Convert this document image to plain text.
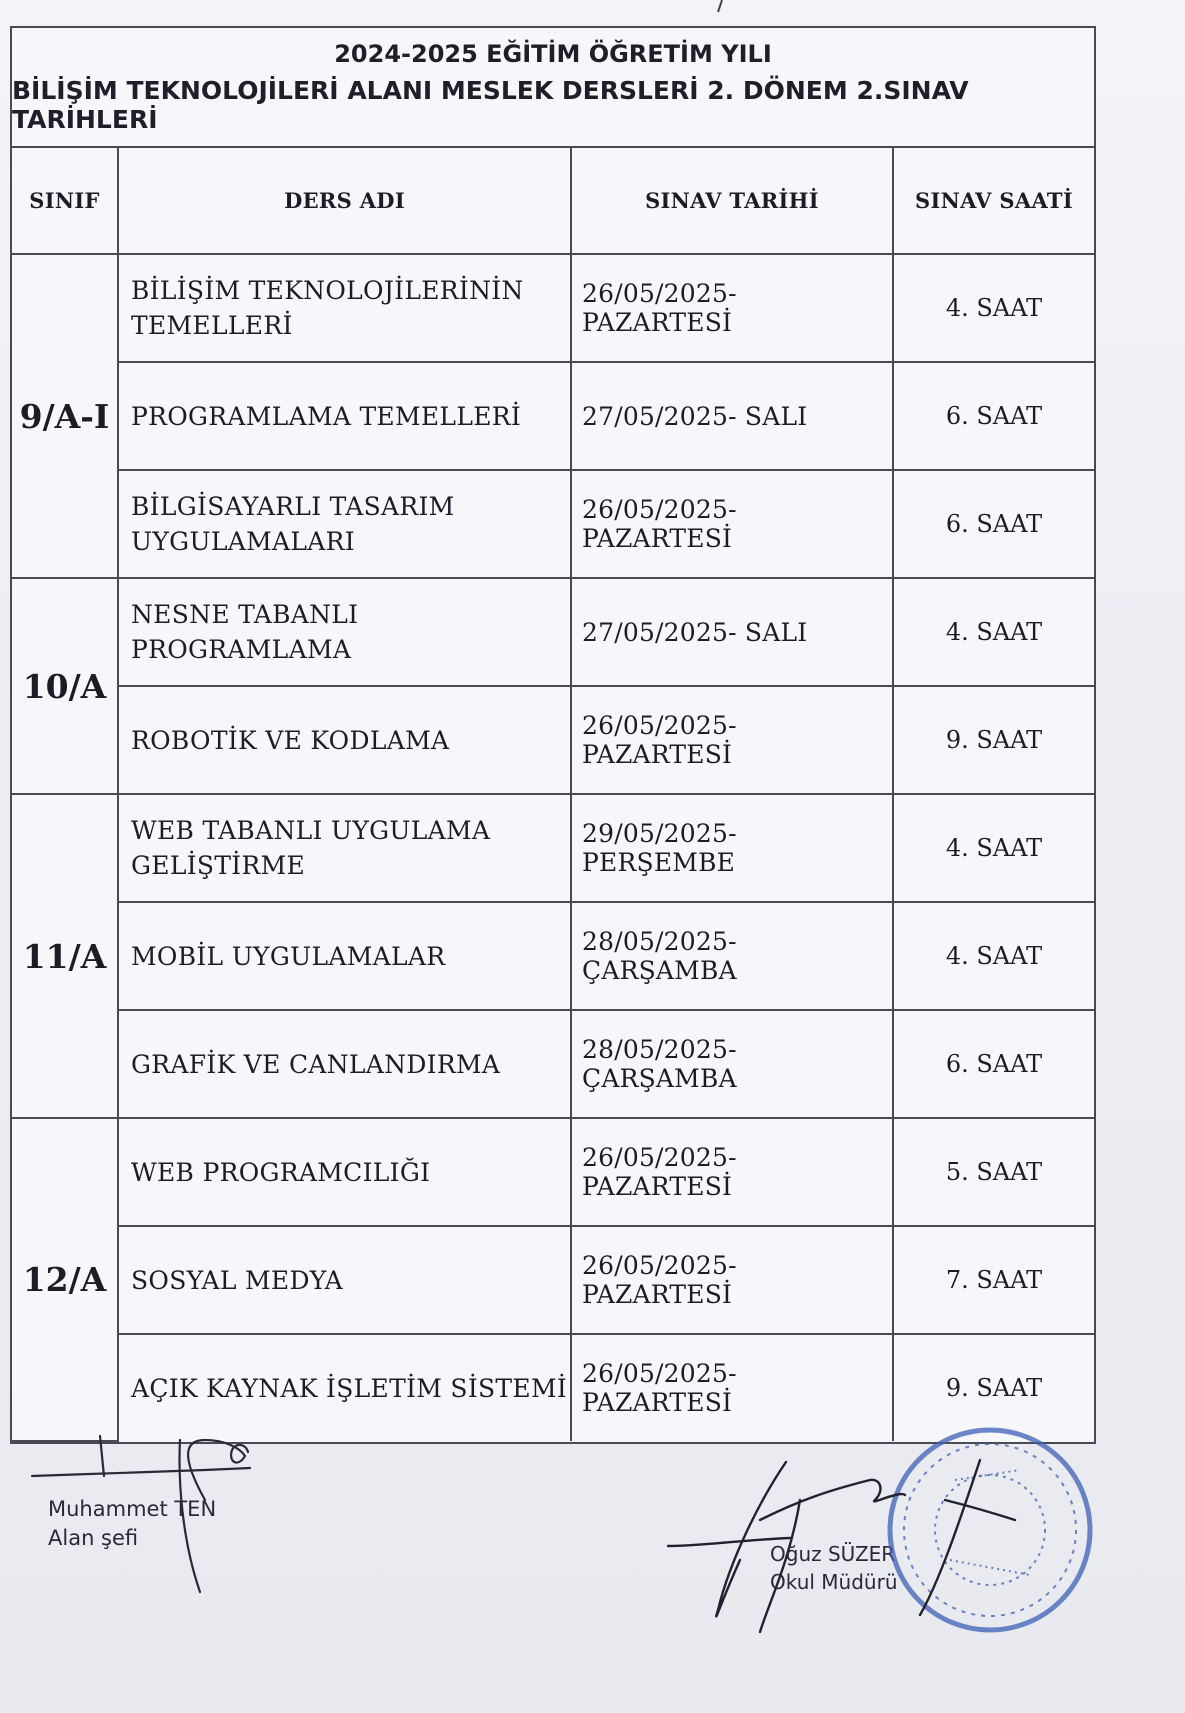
2024-2025 EĞİTİM ÖĞRETİM YILI
BİLİŞİM TEKNOLOJİLERİ ALANI MESLEK DERSLERİ 2. DÖNEM 2.SINAV TARİHLERİ
SINIF	DERS ADI	SINAV TARİHİ	SINAV SAATİ
9/A-I	BİLİŞİM TEKNOLOJİLERİNİN TEMELLERİ	26/05/2025- PAZARTESİ	4. SAAT
	PROGRAMLAMA TEMELLERİ	27/05/2025- SALI	6. SAAT
	BİLGİSAYARLI TASARIM UYGULAMALARI	26/05/2025- PAZARTESİ	6. SAAT
10/A	NESNE TABANLI PROGRAMLAMA	27/05/2025- SALI	4. SAAT
	ROBOTİK VE KODLAMA	26/05/2025- PAZARTESİ	9. SAAT
11/A	WEB TABANLI UYGULAMA GELİŞTİRME	29/05/2025- PERŞEMBE	4. SAAT
	MOBİL UYGULAMALAR	28/05/2025- ÇARŞAMBA	4. SAAT
	GRAFİK VE CANLANDIRMA	28/05/2025- ÇARŞAMBA	6. SAAT
12/A	WEB PROGRAMCILIĞI	26/05/2025- PAZARTESİ	5. SAAT
	SOSYAL MEDYA	26/05/2025- PAZARTESİ	7. SAAT
	AÇIK KAYNAK İŞLETİM SİSTEMİ	26/05/2025- PAZARTESİ	9. SAAT
Muhammet TEN
Alan şefi
Oğuz SÜZER
Okul Müdürü
